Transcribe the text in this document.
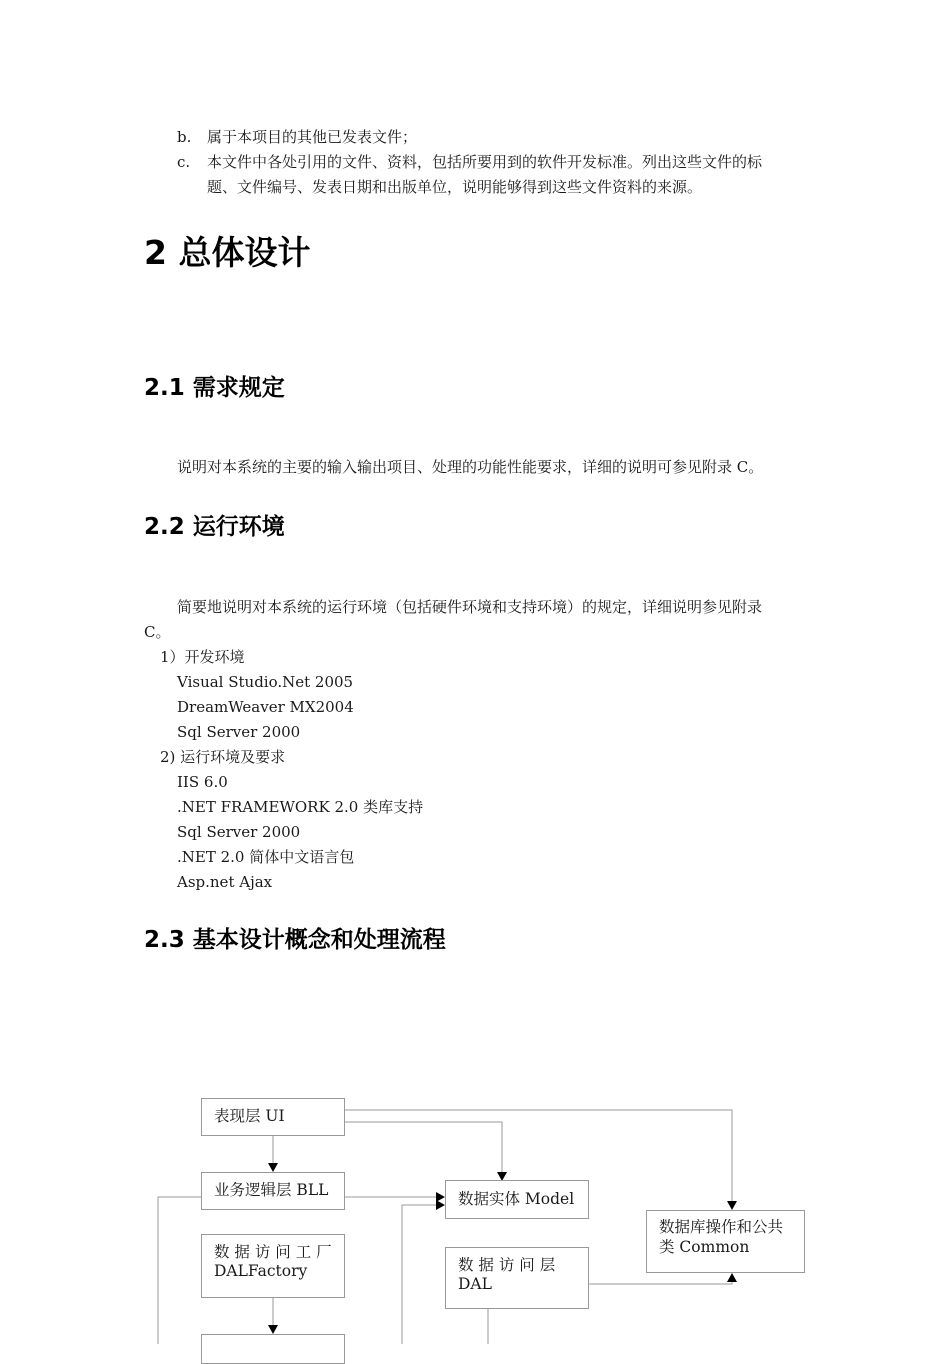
b. 属于本项目的其他已发表文件；
c. 本文件中各处引用的文件、资料，包括所要用到的软件开发标准。列出这些文件的标
题、文件编号、发表日期和出版单位，说明能够得到这些文件资料的来源。
2 总体设计
2.1 需求规定

说明对本系统的主要的输入输出项目、处理的功能性能要求，详细的说明可参见附录 C。

2.2 运行环境

简要地说明对本系统的运行环境（包括硬件环境和支持环境）的规定，详细说明参见附录

C。

1）开发环境
Visual Studio.Net 2005
DreamWeaver MX2004
Sql Server 2000
2) 运行环境及要求
IIS 6.0
.NET FRAMEWORK 2.0 类库支持
Sql Server 2000
.NET 2.0 简体中文语言包
Asp.net Ajax
2.3 基本设计概念和处理流程
表现层 UI
业务逻辑层 BLL
数 据 访 问 工 厂
DALFactory
数据实体 Model
数 据 访 问 层
DAL
数据库操作和公共
类 Common
